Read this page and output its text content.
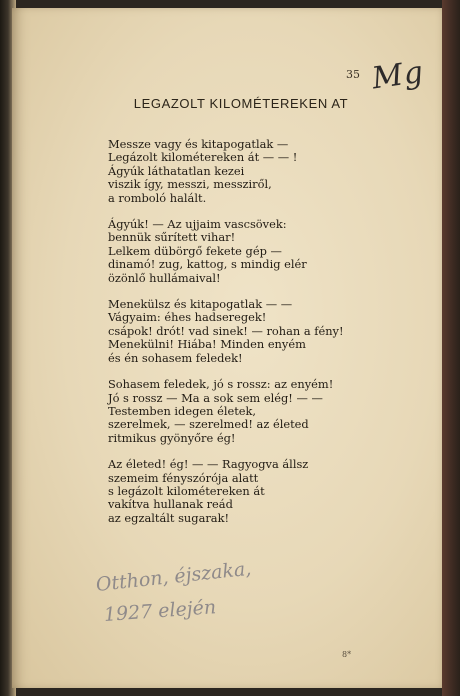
35 Mg
LEGAZOLT KILOMÉTEREKEN AT
Messze vagy és kitapogatlak —
Legázolt kilométereken át — — !
Ágyúk láthatatlan kezei
viszik így, messzi, messziről,
a romboló halált.
Ágyúk! — Az ujjaim vascsövek:
bennük sűrített vihar!
Lelkem dübörgő fekete gép —
dinamó! zug, kattog, s mindig elér
özönlő hullámaival!
Menekülsz és kitapogatlak — —
Vágyaim: éhes hadseregek!
csápok! drót! vad sinek! — rohan a fény!
Menekülni! Hiába! Minden enyém
és én sohasem feledek!
Sohasem feledek, jó s rossz: az enyém!
Jó s rossz — Ma a sok sem elég! — —
Testemben idegen életek,
szerelmek, — szerelmed! az életed
ritmikus gyönyőre ég!
Az életed! ég! — — Ragyogva állsz
szemeim fényszórója alatt
s legázolt kilométereken át
vakítva hullanak reád
az egzaltált sugarak!
Otthon, éjszaka,
1927 elején
8*
